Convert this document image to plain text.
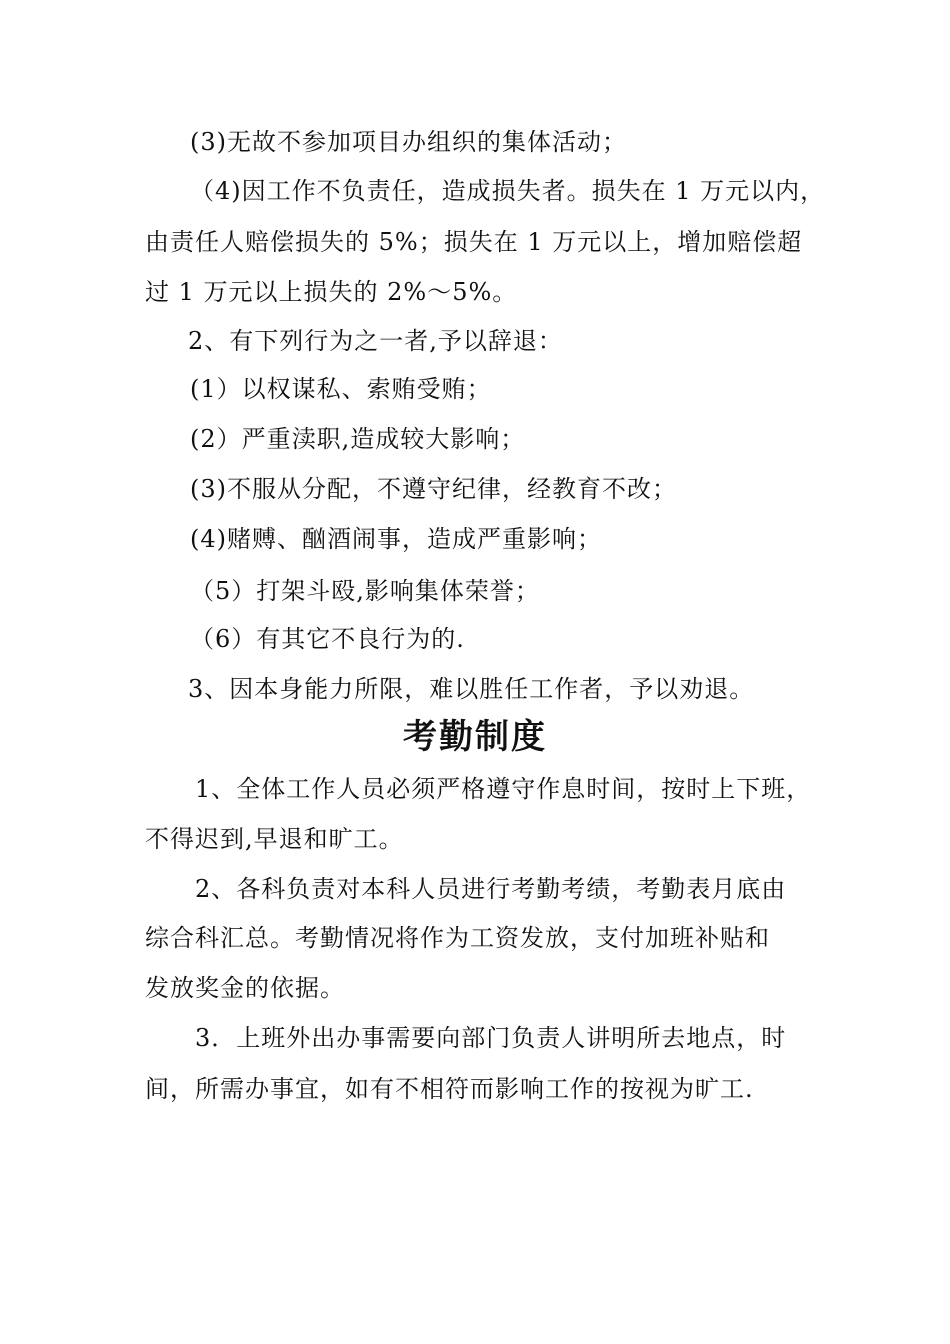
(3)无故不参加项目办组织的集体活动；
（4)因工作不负责任，造成损失者。损失在 1 万元以内，
由责任人赔偿损失的 5%；损失在 1 万元以上，增加赔偿超
过 1 万元以上损失的 2%～5%。
2、有下列行为之一者,予以辞退：
(1）以权谋私、索贿受贿；
(2）严重渎职,造成较大影响；
(3)不服从分配，不遵守纪律，经教育不改；
(4)赌赙、酗酒闹事，造成严重影响；
（5）打架斗殴,影响集体荣誉；
（6）有其它不良行为的.
3、因本身能力所限，难以胜任工作者，予以劝退。
考勤制度
1、全体工作人员必须严格遵守作息时间，按时上下班，
不得迟到,早退和旷工。
2、各科负责对本科人员进行考勤考绩，考勤表月底由
综合科汇总。考勤情况将作为工资发放，支付加班补贴和
发放奖金的依据。
3．上班外出办事需要向部门负责人讲明所去地点，时
间，所需办事宜，如有不相符而影响工作的按视为旷工.
